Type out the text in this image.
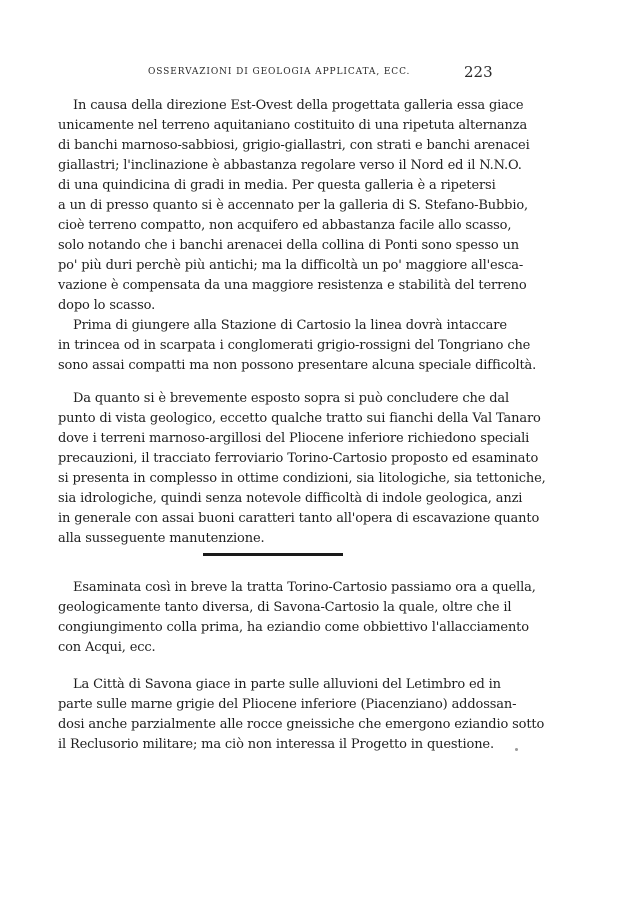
OSSERVAZIONI DI GEOLOGIA APPLICATA, ECC.	223
In causa della direzione Est-Ovest della progettata galleria essa giace
unicamente nel terreno aquitaniano costituito di una ripetuta alternanza
di banchi marnoso-sabbiosi, grigio-giallastri, con strati e banchi arenacei
giallastri; l'inclinazione è abbastanza regolare verso il Nord ed il N.N.O.
di una quindicina di gradi in media. Per questa galleria è a ripetersi
a un di presso quanto si è accennato per la galleria di S. Stefano-Bubbio,
cioè terreno compatto, non acquifero ed abbastanza facile allo scasso,
solo notando che i banchi arenacei della collina di Ponti sono spesso un
po' più duri perchè più antichi; ma la difficoltà un po' maggiore all'esca-
vazione è compensata da una maggiore resistenza e stabilità del terreno
dopo lo scasso.
Prima di giungere alla Stazione di Cartosio la linea dovrà intaccare
in trincea od in scarpata i conglomerati grigio-rossigni del Tongriano che
sono assai compatti ma non possono presentare alcuna speciale difficoltà.
Da quanto si è brevemente esposto sopra si può concludere che dal
punto di vista geologico, eccetto qualche tratto sui fianchi della Val Tanaro
dove i terreni marnoso-argillosi del Pliocene inferiore richiedono speciali
precauzioni, il tracciato ferroviario Torino-Cartosio proposto ed esaminato
si presenta in complesso in ottime condizioni, sia litologiche, sia tettoniche,
sia idrologiche, quindi senza notevole difficoltà di indole geologica, anzi
in generale con assai buoni caratteri tanto all'opera di escavazione quanto
alla susseguente manutenzione.
Esaminata così in breve la tratta Torino-Cartosio passiamo ora a quella,
geologicamente tanto diversa, di Savona-Cartosio la quale, oltre che il
congiungimento colla prima, ha eziandio come obbiettivo l'allacciamento
con Acqui, ecc.
La Città di Savona giace in parte sulle alluvioni del Letimbro ed in
parte sulle marne grigie del Pliocene inferiore (Piacenziano) addossan-
dosi anche parzialmente alle rocce gneissiche che emergono eziandio sotto
il Reclusorio militare; ma ciò non interessa il Progetto in questione.
